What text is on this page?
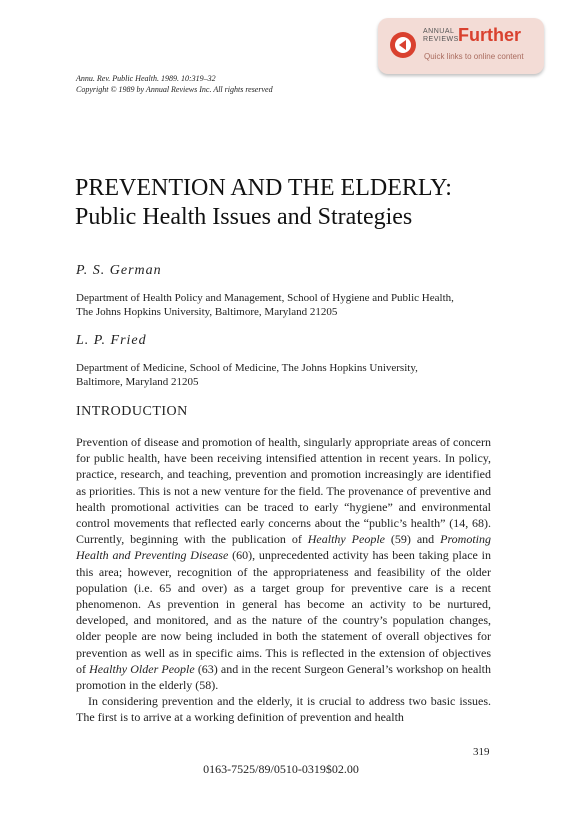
ANNUAL
REVIEWS Further
Quick links to online content
Annu. Rev. Public Health. 1989. 10:319–32
Copyright © 1989 by Annual Reviews Inc. All rights reserved
PREVENTION AND THE ELDERLY:
Public Health Issues and Strategies
P. S. German
Department of Health Policy and Management, School of Hygiene and Public Health,
The Johns Hopkins University, Baltimore, Maryland 21205
L. P. Fried
Department of Medicine, School of Medicine, The Johns Hopkins University,
Baltimore, Maryland 21205
INTRODUCTION

Prevention of disease and promotion of health, singularly appropriate areas of concern for public health, have been receiving intensified attention in recent years. In policy, practice, research, and teaching, prevention and promotion increasingly are identified as priorities. This is not a new venture for the field. The provenance of preventive and health promotional activities can be traced to early “hygiene” and environmental control movements that reflected early concerns about the “public’s health” (14, 68). Currently, beginning with the publication of Healthy People (59) and Promoting Health and Preventing Disease (60), unprecedented activity has been taking place in this area; however, recognition of the appropriateness and feasibility of the older population (i.e. 65 and over) as a target group for preventive care is a recent phenomenon. As prevention in general has become an activity to be nurtured, developed, and monitored, and as the nature of the country’s population changes, older people are now being included in both the statement of overall objectives for prevention as well as in specific aims. This is reflected in the extension of objectives of Healthy Older People (63) and in the recent Surgeon General’s workshop on health promotion in the elderly (58).

In considering prevention and the elderly, it is crucial to address two basic issues. The first is to arrive at a working definition of prevention and health

319
0163-7525/89/0510-0319$02.00
